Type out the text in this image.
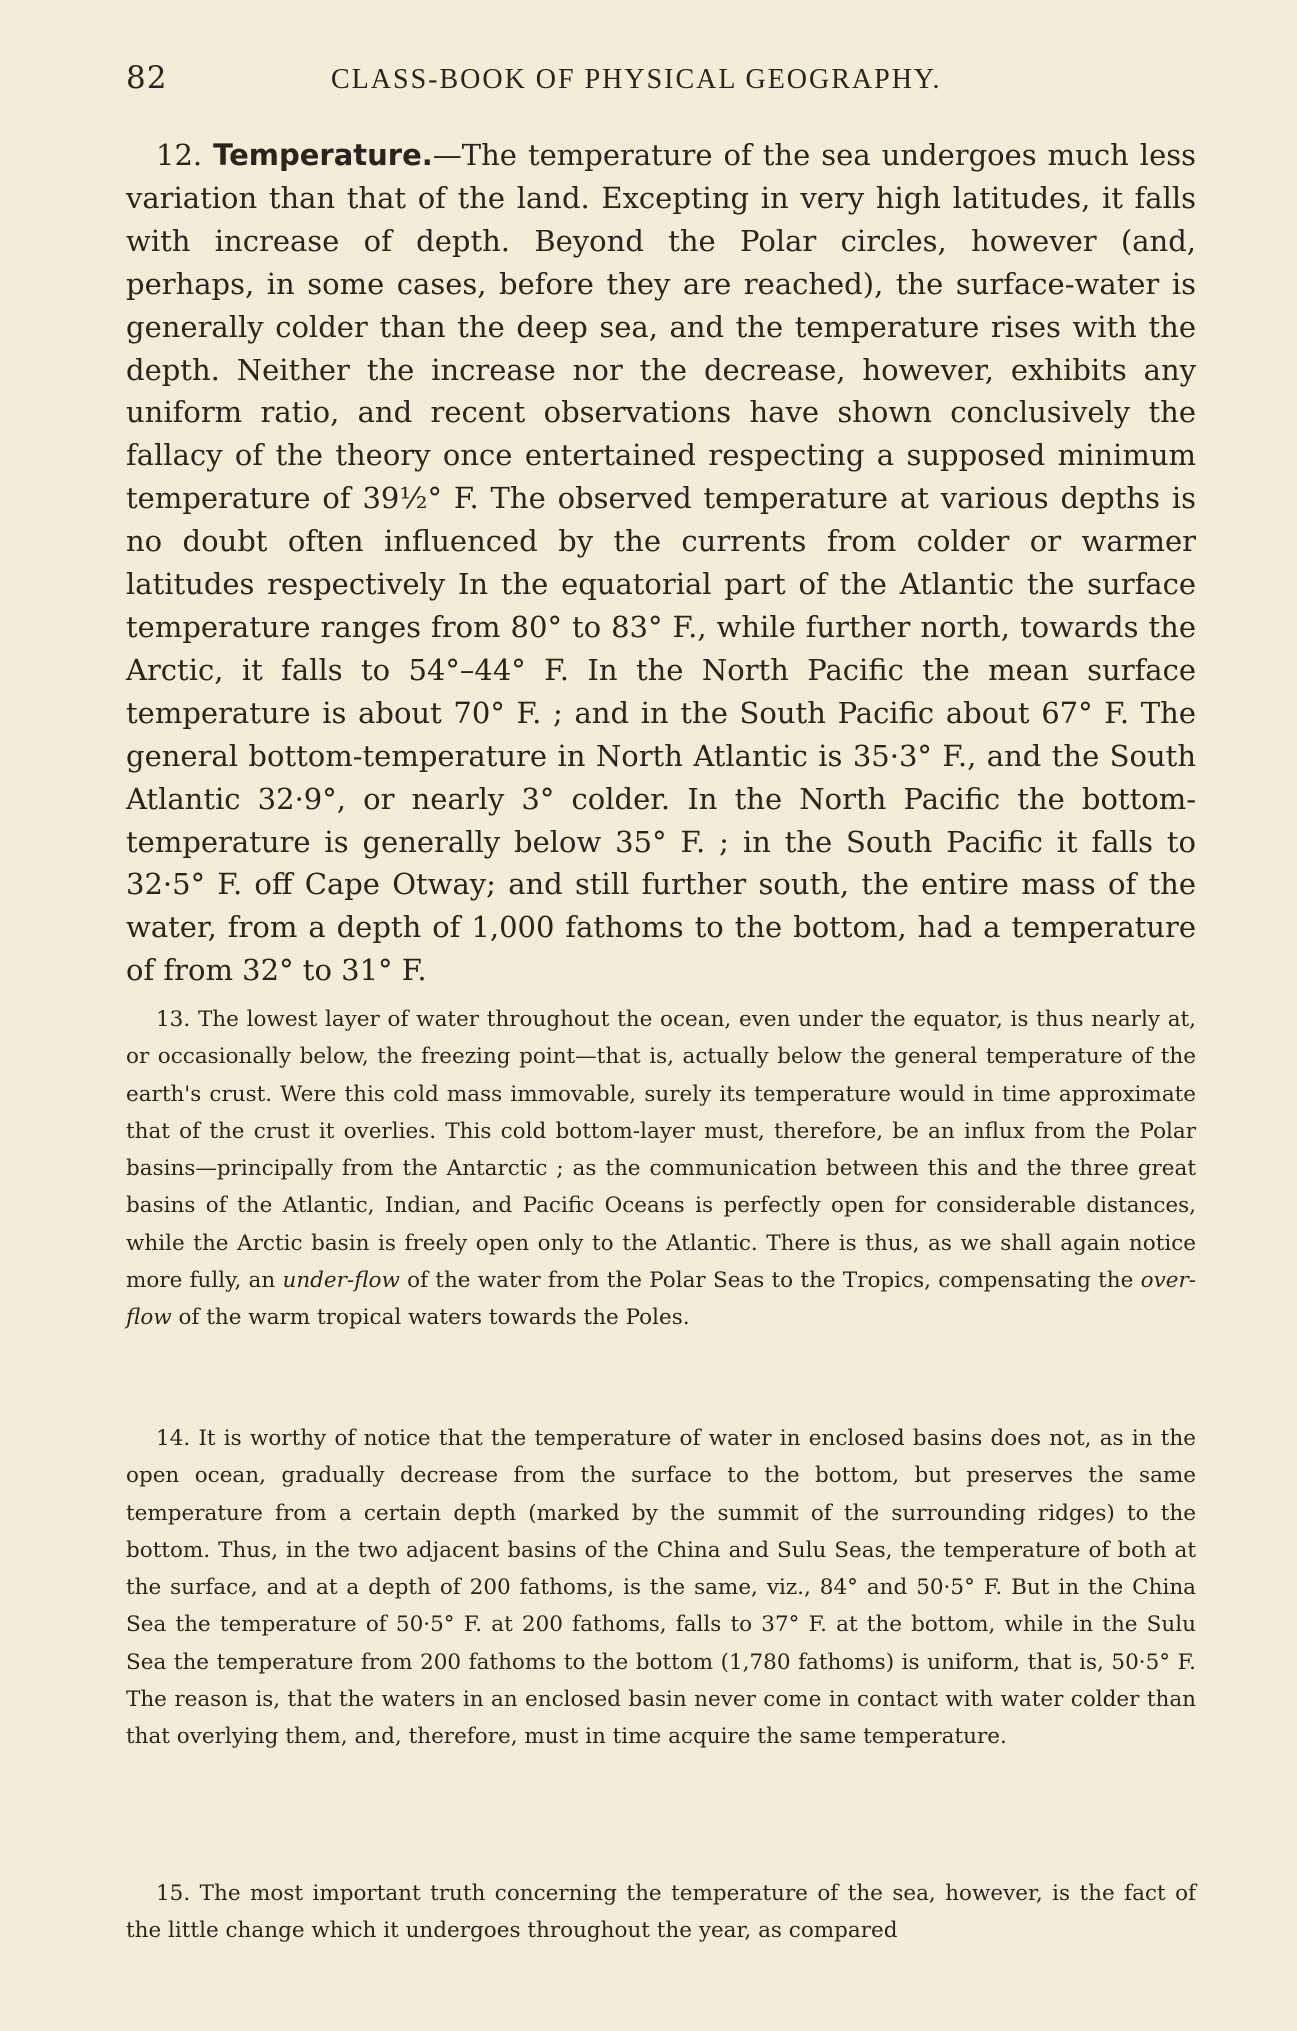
82	CLASS-BOOK OF PHYSICAL GEOGRAPHY.

12. Temperature.—The temperature of the sea undergoes much less variation than that of the land. Excepting in very high latitudes, it falls with increase of depth. Beyond the Polar circles, however (and, perhaps, in some cases, before they are reached), the surface-water is generally colder than the deep sea, and the temperature rises with the depth. Neither the increase nor the decrease, however, exhibits any uniform ratio, and recent observations have shown conclusively the fallacy of the theory once entertained respecting a supposed minimum temperature of 39½° F. The observed temperature at various depths is no doubt often influenced by the currents from colder or warmer latitudes respectively In the equatorial part of the Atlantic the surface temperature ranges from 80° to 83° F., while further north, towards the Arctic, it falls to 54°–44° F. In the North Pacific the mean surface temperature is about 70° F. ; and in the South Pacific about 67° F. The general bottom-temperature in North Atlantic is 35·3° F., and the South Atlantic 32·9°, or nearly 3° colder. In the North Pacific the bottom-temperature is generally below 35° F. ; in the South Pacific it falls to 32·5° F. off Cape Otway; and still further south, the entire mass of the water, from a depth of 1,000 fathoms to the bottom, had a temperature of from 32° to 31° F.

13. The lowest layer of water throughout the ocean, even under the equator, is thus nearly at, or occasionally below, the freezing point—that is, actually below the general temperature of the earth's crust. Were this cold mass immovable, surely its temperature would in time approximate that of the crust it overlies. This cold bottom-layer must, therefore, be an influx from the Polar basins—principally from the Antarctic ; as the communication between this and the three great basins of the Atlantic, Indian, and Pacific Oceans is perfectly open for considerable distances, while the Arctic basin is freely open only to the Atlantic. There is thus, as we shall again notice more fully, an under-flow of the water from the Polar Seas to the Tropics, compensating the over-flow of the warm tropical waters towards the Poles.

14. It is worthy of notice that the temperature of water in enclosed basins does not, as in the open ocean, gradually decrease from the surface to the bottom, but preserves the same temperature from a certain depth (marked by the summit of the surrounding ridges) to the bottom. Thus, in the two adjacent basins of the China and Sulu Seas, the temperature of both at the surface, and at a depth of 200 fathoms, is the same, viz., 84° and 50·5° F. But in the China Sea the temperature of 50·5° F. at 200 fathoms, falls to 37° F. at the bottom, while in the Sulu Sea the temperature from 200 fathoms to the bottom (1,780 fathoms) is uniform, that is, 50·5° F. The reason is, that the waters in an enclosed basin never come in contact with water colder than that overlying them, and, therefore, must in time acquire the same temperature.

15. The most important truth concerning the temperature of the sea, however, is the fact of the little change which it undergoes throughout the year, as compared
